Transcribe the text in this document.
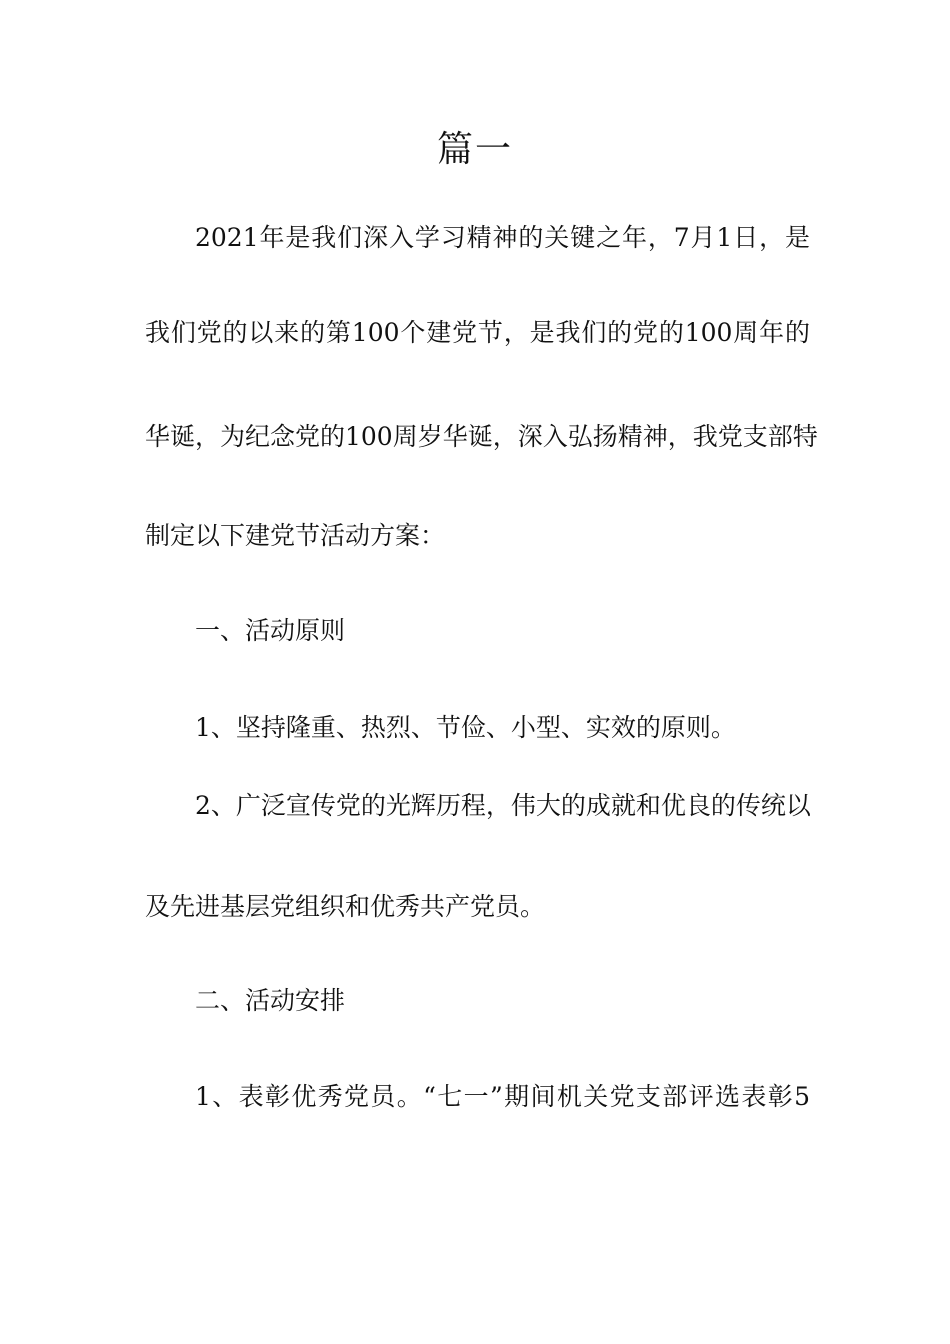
篇一
2021年是我们深入学习精神的关键之年，7月1日，是
我们党的以来的第100个建党节，是我们的党的100周年的
华诞，为纪念党的100周岁华诞，深入弘扬精神，我党支部特
制定以下建党节活动方案：
一、活动原则
1、坚持隆重、热烈、节俭、小型、实效的原则。
2、广泛宣传党的光辉历程，伟大的成就和优良的传统以
及先进基层党组织和优秀共产党员。
二、活动安排
1、表彰优秀党员。“七一”期间机关党支部评选表彰5
